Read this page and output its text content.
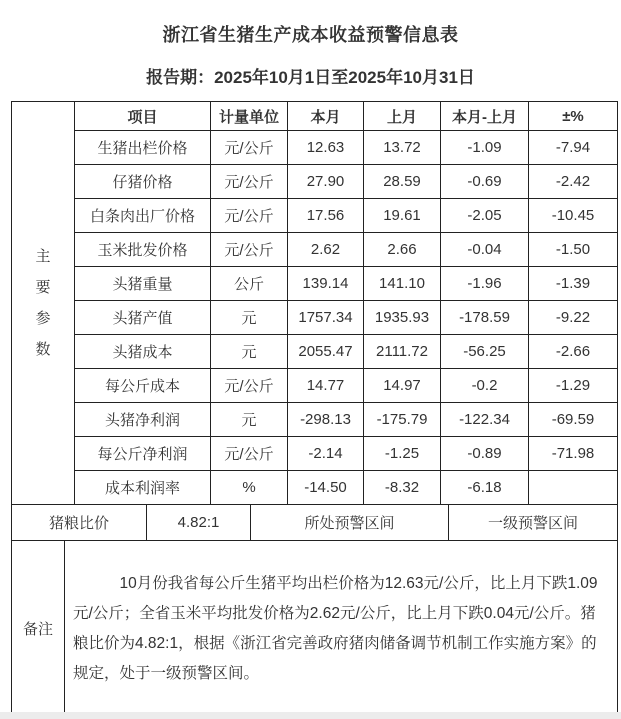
浙江省生猪生产成本收益预警信息表
报告期：2025年10月1日至2025年10月31日
主要参数	项目	计量单位	本月	上月	本月-上月	±%
	生猪出栏价格	元/公斤	12.63	13.72	-1.09	-7.94
	仔猪价格	元/公斤	27.90	28.59	-0.69	-2.42
	白条肉出厂价格	元/公斤	17.56	19.61	-2.05	-10.45
	玉米批发价格	元/公斤	2.62	2.66	-0.04	-1.50
	头猪重量	公斤	139.14	141.10	-1.96	-1.39
	头猪产值	元	1757.34	1935.93	-178.59	-9.22
	头猪成本	元	2055.47	2111.72	-56.25	-2.66
	每公斤成本	元/公斤	14.77	14.97	-0.2	-1.29
	头猪净利润	元	-298.13	-175.79	-122.34	-69.59
	每公斤净利润	元/公斤	-2.14	-1.25	-0.89	-71.98
	成本利润率	%	-14.50	-8.32	-6.18	
猪粮比价	4.82:1	所处预警区间	一级预警区间
备注	

10月份我省每公斤生猪平均出栏价格为12.63元/公斤，比上月下跌1.09元/公斤；全省玉米平均批发价格为2.62元/公斤，比上月下跌0.04元/公斤。猪粮比价为4.82:1，根据《浙江省完善政府猪肉储备调节机制工作实施方案》的规定，处于一级预警区间。
